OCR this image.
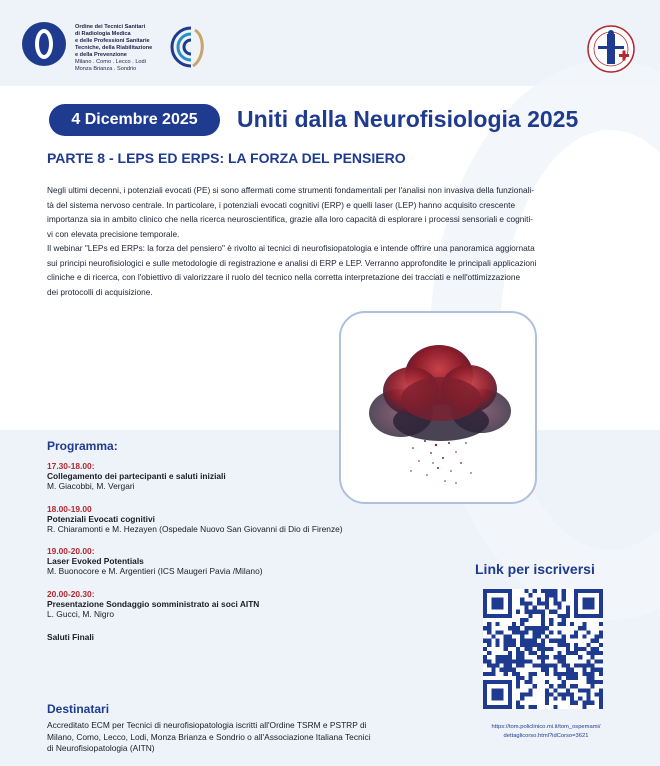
Ordine dei Tecnici Sanitari
di Radiologia Medica
e delle Professioni Sanitarie
Tecniche, della Riabilitazione
e della Prevenzione
Milano . Como . Lecco . Lodi
Monza Brianza . Sondrio
4 Dicembre 2025	Uniti dalla Neurofisiologia 2025
PARTE 8 - LEPS ED ERPS: LA FORZA DEL PENSIERO
Negli ultimi decenni, i potenziali evocati (PE) si sono affermati come strumenti fondamentali per l'analisi non invasiva della funzionali-
tà del sistema nervoso centrale. In particolare, i potenziali evocati cognitivi (ERP) e quelli laser (LEP) hanno acquisito crescente
importanza sia in ambito clinico che nella ricerca neuroscientifica, grazie alla loro capacità di esplorare i processi sensoriali e cogniti-
vi con elevata precisione temporale.
Il webinar "LEPs ed ERPs: la forza del pensiero" è rivolto ai tecnici di neurofisiopatologia e intende offrire una panoramica aggiornata
sui principi neurofisiologici e sulle metodologie di registrazione e analisi di ERP e LEP. Verranno approfondite le principali applicazioni
cliniche e di ricerca, con l'obiettivo di valorizzare il ruolo del tecnico nella corretta interpretazione dei tracciati e nell'ottimizzazione
dei protocolli di acquisizione.
Programma:
17.30-18.00:
Collegamento dei partecipanti e saluti iniziali
M. Giacobbi, M. Vergari
18.00-19.00
Potenziali Evocati cognitivi
R. Chiaramonti e M. Hezayen (Ospedale Nuovo San Giovanni di Dio di Firenze)
19.00-20.00:
Laser Evoked Potentials
M. Buonocore e M. Argentieri (ICS Maugeri Pavia /Milano)
20.00-20.30:
Presentazione Sondaggio somministrato ai soci AITN
L. Gucci, M. Nigro
Saluti Finali
Link per iscriversi
https://tom.policlinico.mi.it/tom_ospemami/
dettaglicorso.html?idCorso=3621
Destinatari
Accreditato ECM per Tecnici di neurofisiopatologia iscritti all'Ordine TSRM e PSTRP di
Milano, Como, Lecco, Lodi, Monza Brianza e Sondrio o all'Associazione Italiana Tecnici
di Neurofisiopatologia (AITN)
